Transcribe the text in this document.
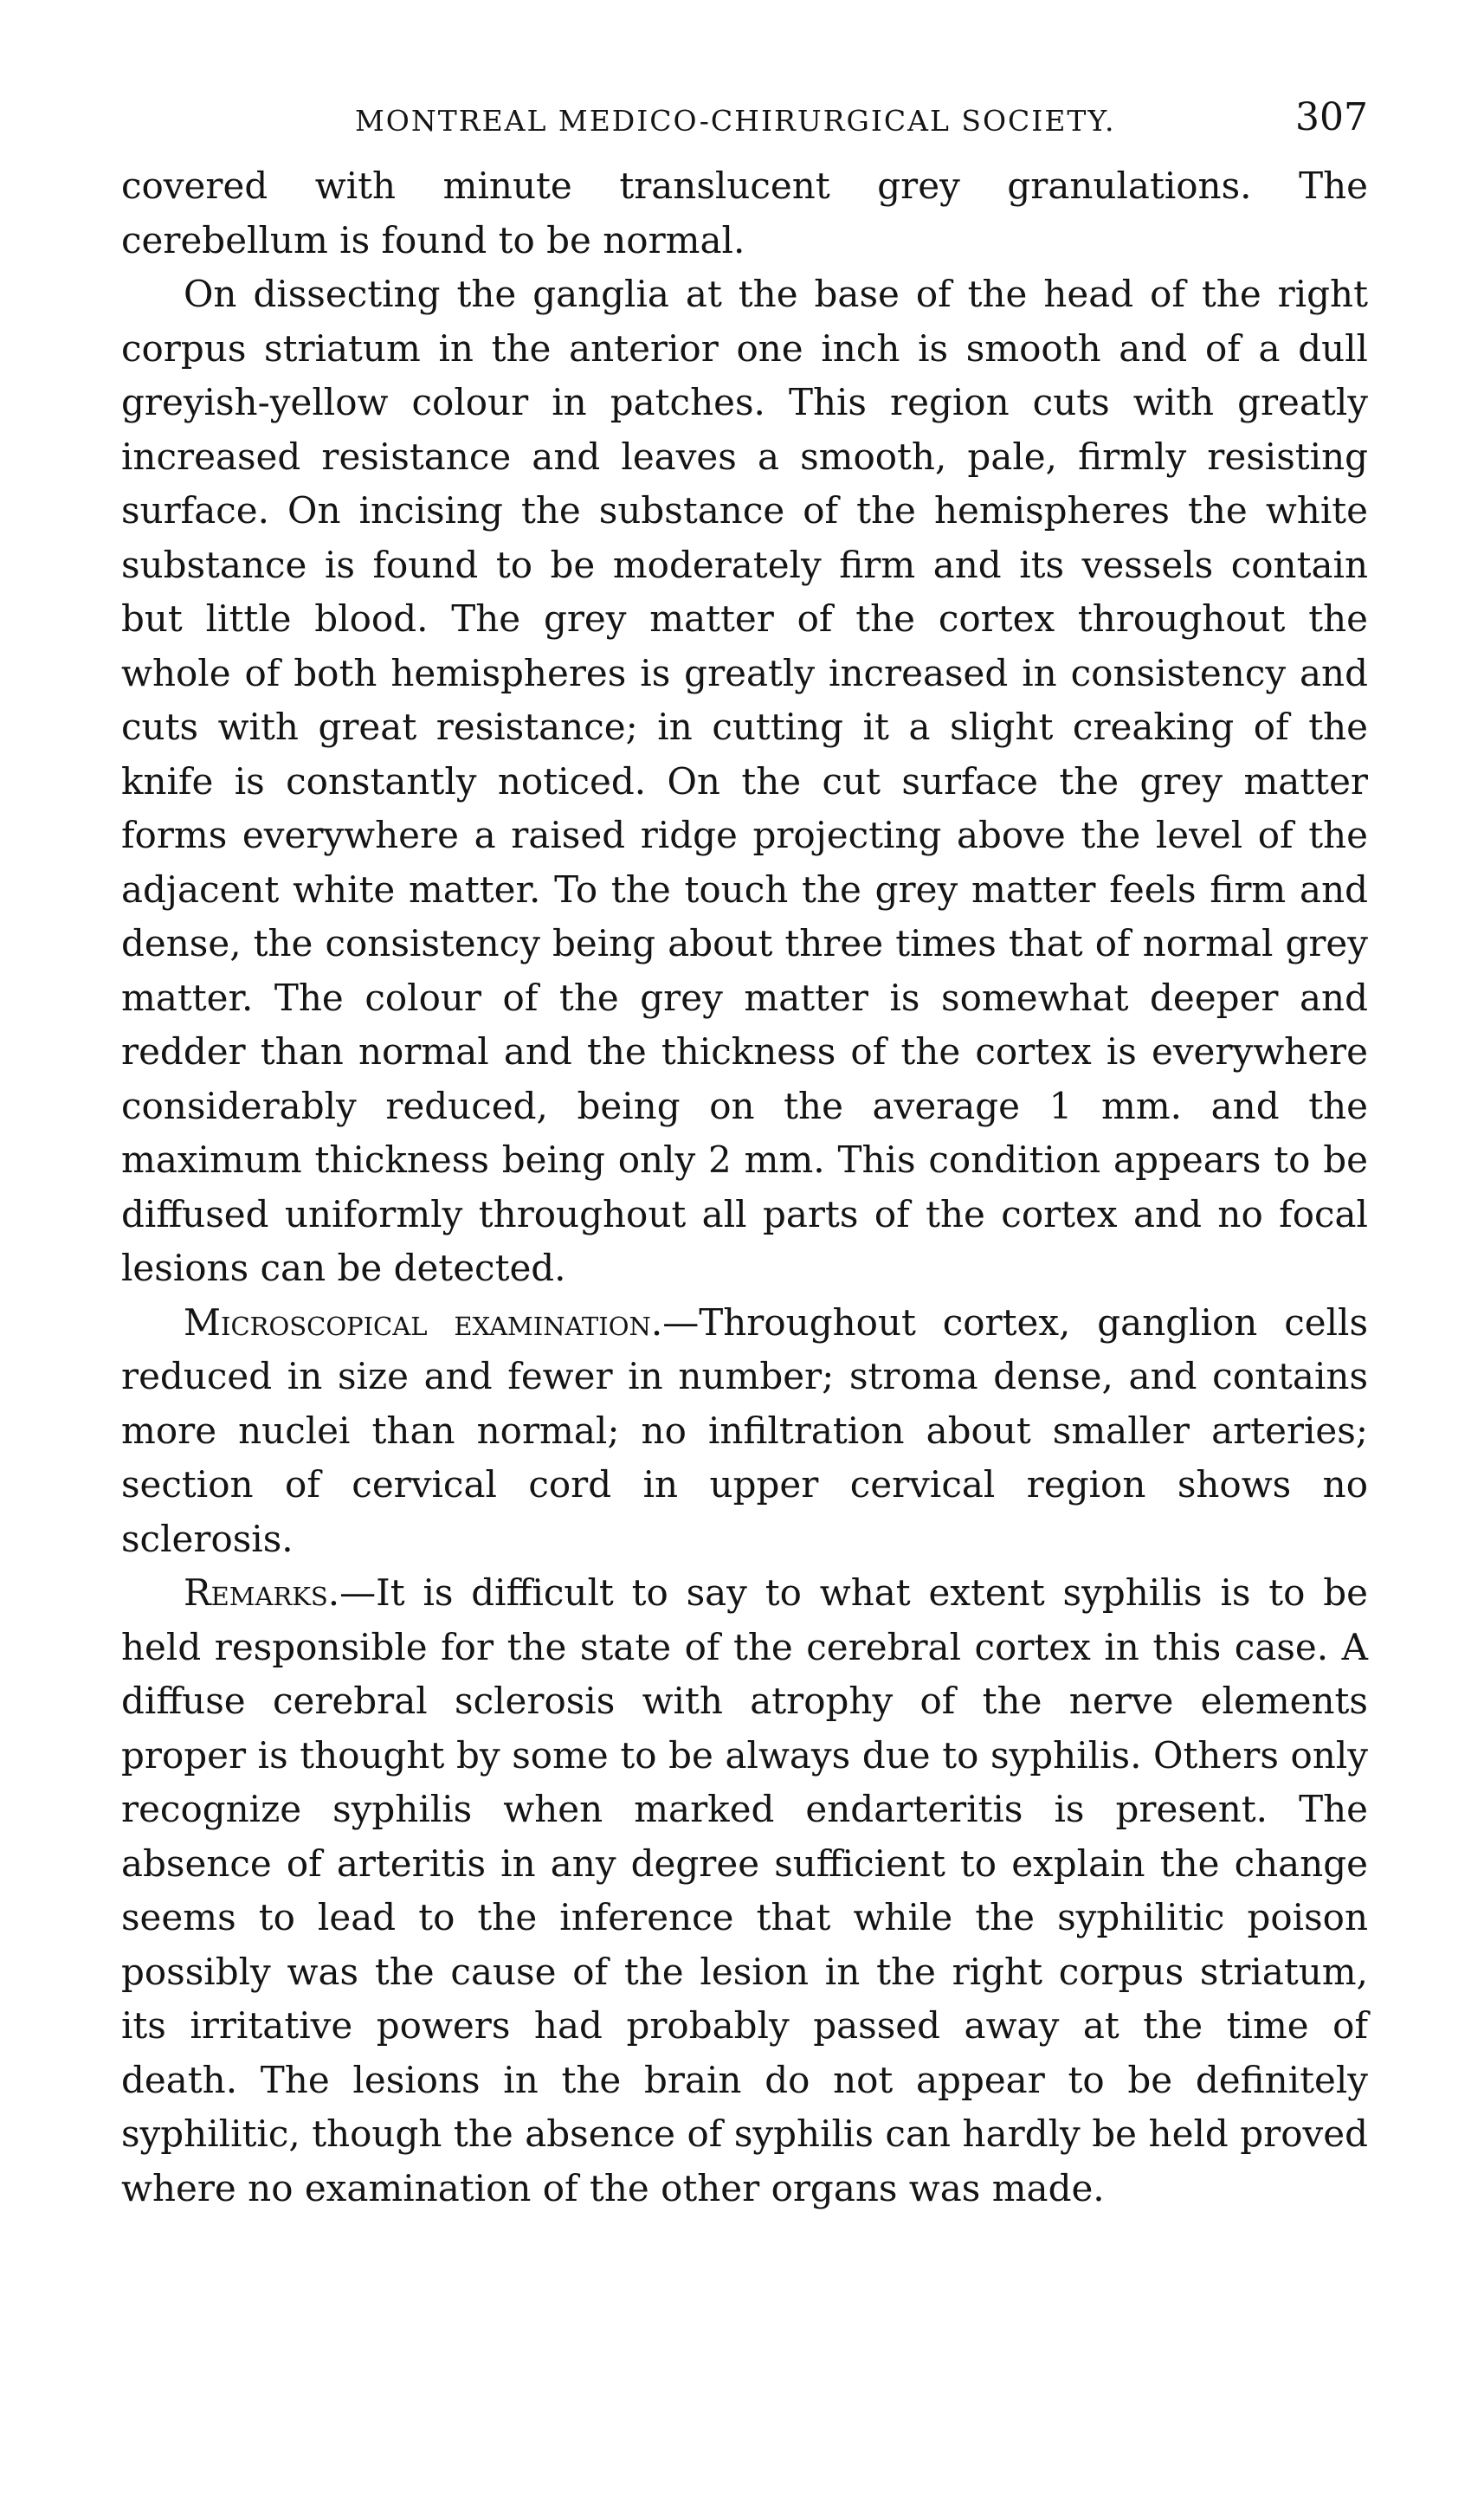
MONTREAL MEDICO-CHIRURGICAL SOCIETY.	307

covered with minute translucent grey granulations. The cerebellum is found to be normal.

On dissecting the ganglia at the base of the head of the right corpus striatum in the anterior one inch is smooth and of a dull greyish-yellow colour in patches. This region cuts with greatly increased resistance and leaves a smooth, pale, firmly resisting surface. On incising the substance of the hemispheres the white substance is found to be moderately firm and its vessels contain but little blood. The grey matter of the cortex throughout the whole of both hemispheres is greatly increased in consistency and cuts with great resistance; in cutting it a slight creaking of the knife is constantly noticed. On the cut surface the grey matter forms everywhere a raised ridge projecting above the level of the adjacent white matter. To the touch the grey matter feels firm and dense, the consistency being about three times that of normal grey matter. The colour of the grey matter is somewhat deeper and redder than normal and the thickness of the cortex is everywhere considerably reduced, being on the average 1 mm. and the maximum thickness being only 2 mm. This condition appears to be diffused uniformly throughout all parts of the cortex and no focal lesions can be detected.

Microscopical examination.—Throughout cortex, ganglion cells reduced in size and fewer in number; stroma dense, and contains more nuclei than normal; no infiltration about smaller arteries; section of cervical cord in upper cervical region shows no sclerosis.

Remarks.—It is difficult to say to what extent syphilis is to be held responsible for the state of the cerebral cortex in this case. A diffuse cerebral sclerosis with atrophy of the nerve elements proper is thought by some to be always due to syphilis. Others only recognize syphilis when marked endarteritis is present. The absence of arteritis in any degree sufficient to explain the change seems to lead to the inference that while the syphilitic poison possibly was the cause of the lesion in the right corpus striatum, its irritative powers had probably passed away at the time of death. The lesions in the brain do not appear to be definitely syphilitic, though the absence of syphilis can hardly be held proved where no examination of the other organs was made.
